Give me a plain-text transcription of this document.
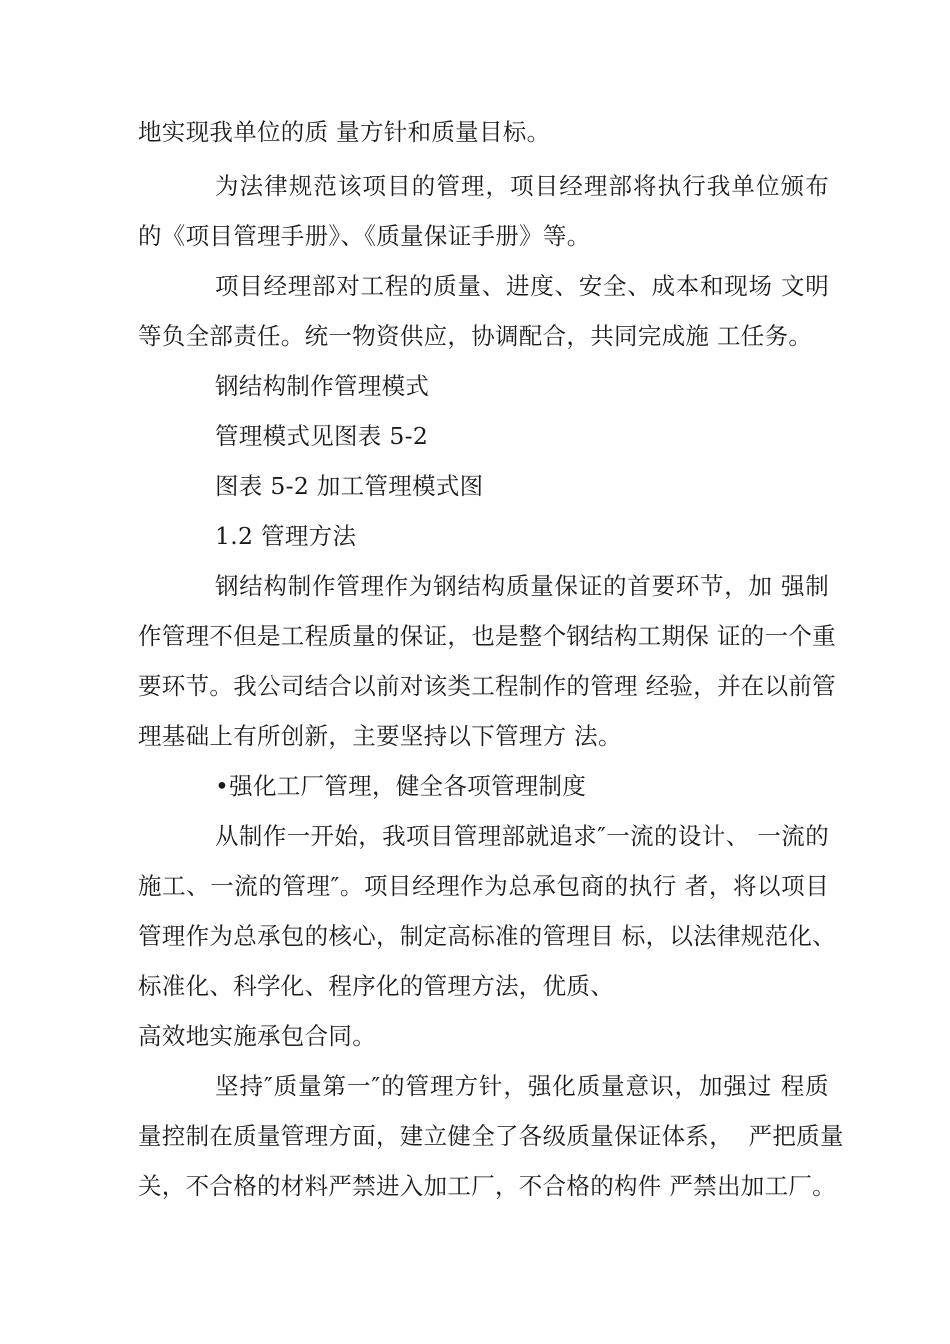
地实现我单位的质 量方针和质量目标。
为法律规范该项目的管理，项目经理部将执行我单位颁布
的《项目管理手册》、《质量保证手册》等。
项目经理部对工程的质量、进度、安全、成本和现场 文明
等负全部责任。统一物资供应，协调配合，共同完成施 工任务。
钢结构制作管理模式
管理模式见图表 5-2
图表 5-2 加工管理模式图
1.2 管理方法
钢结构制作管理作为钢结构质量保证的首要环节，加 强制
作管理不但是工程质量的保证，也是整个钢结构工期保 证的一个重
要环节。我公司结合以前对该类工程制作的管理 经验，并在以前管
理基础上有所创新，主要坚持以下管理方 法。
•强化工厂管理，健全各项管理制度
从制作一开始，我项目管理部就追求″一流的设计、 一流的
施工、一流的管理″。项目经理作为总承包商的执行 者，将以项目
管理作为总承包的核心，制定高标准的管理目 标，以法律规范化、
标准化、科学化、程序化的管理方法，优质、
高效地实施承包合同。
坚持″质量第一″的管理方针，强化质量意识，加强过 程质
量控制在质量管理方面，建立健全了各级质量保证体系，  严把质量
关，不合格的材料严禁进入加工厂，不合格的构件 严禁出加工厂。
